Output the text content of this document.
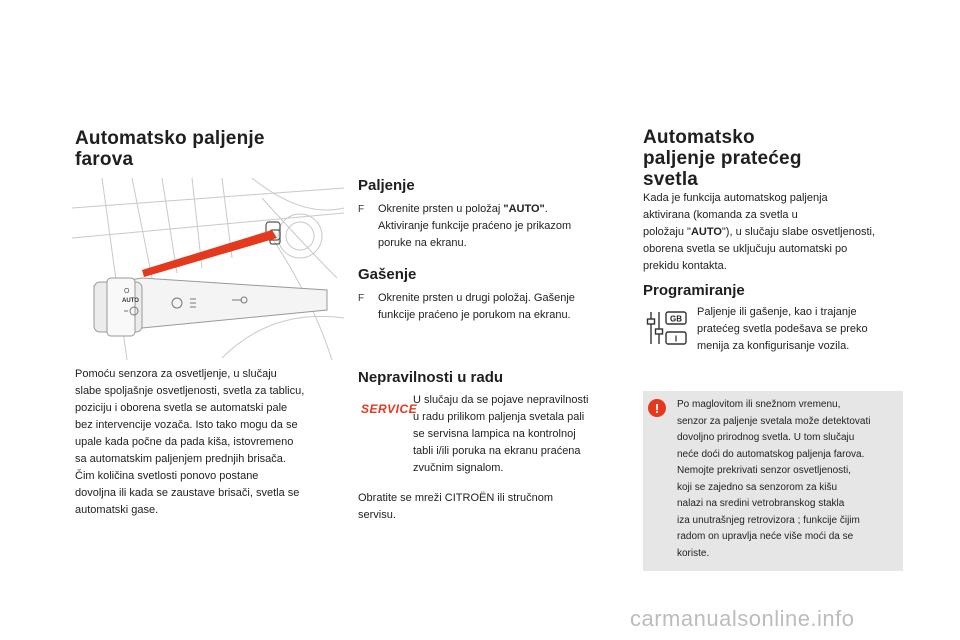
Automatsko paljenje
farova
AUTO
O
Pomoću senzora za osvetljenje, u slučaju
slabe spoljašnje osvetljenosti, svetla za tablicu,
poziciju i oborena svetla se automatski pale
bez intervencije vozača. Isto tako mogu da se
upale kada počne da pada kiša, istovremeno
sa automatskim paljenjem prednjih brisača.
Čim količina svetlosti ponovo postane
dovoljna ili kada se zaustave brisači, svetla se
automatski gase.
Paljenje
F	Okrenite prsten u položaj "AUTO".
Aktiviranje funkcije praćeno je prikazom
poruke na ekranu.
Gašenje
F	Okrenite prsten u drugi položaj. Gašenje
funkcije praćeno je porukom na ekranu.
Nepravilnosti u radu
SERVICE
U slučaju da se pojave nepravilnosti
u radu prilikom paljenja svetala pali
se servisna lampica na kontrolnoj
tabli i/ili poruka na ekranu praćena
zvučnim signalom.
Obratite se mreži CITROËN ili stručnom
servisu.
Automatsko
paljenje pratećeg
svetla
Kada je funkcija automatskog paljenja
aktivirana (komanda za svetla u
položaju "AUTO"), u slučaju slabe osvetljenosti,
oborena svetla se uključuju automatski po
prekidu kontakta.
Programiranje
GB
I
Paljenje ili gašenje, kao i trajanje
pratećeg svetla podešava se preko
menija za konfigurisanje vozila.
! Po maglovitom ili snežnom vremenu,
senzor za paljenje svetala može detektovati
dovoljno prirodnog svetla. U tom slučaju
neće doći do automatskog paljenja farova.
Nemojte prekrivati senzor osvetljenosti,
koji se zajedno sa senzorom za kišu
nalazi na sredini vetrobranskog stakla
iza unutrašnjeg retrovizora ; funkcije čijim
radom on upravlja neće više moći da se
koriste.
carmanualsonline.info
